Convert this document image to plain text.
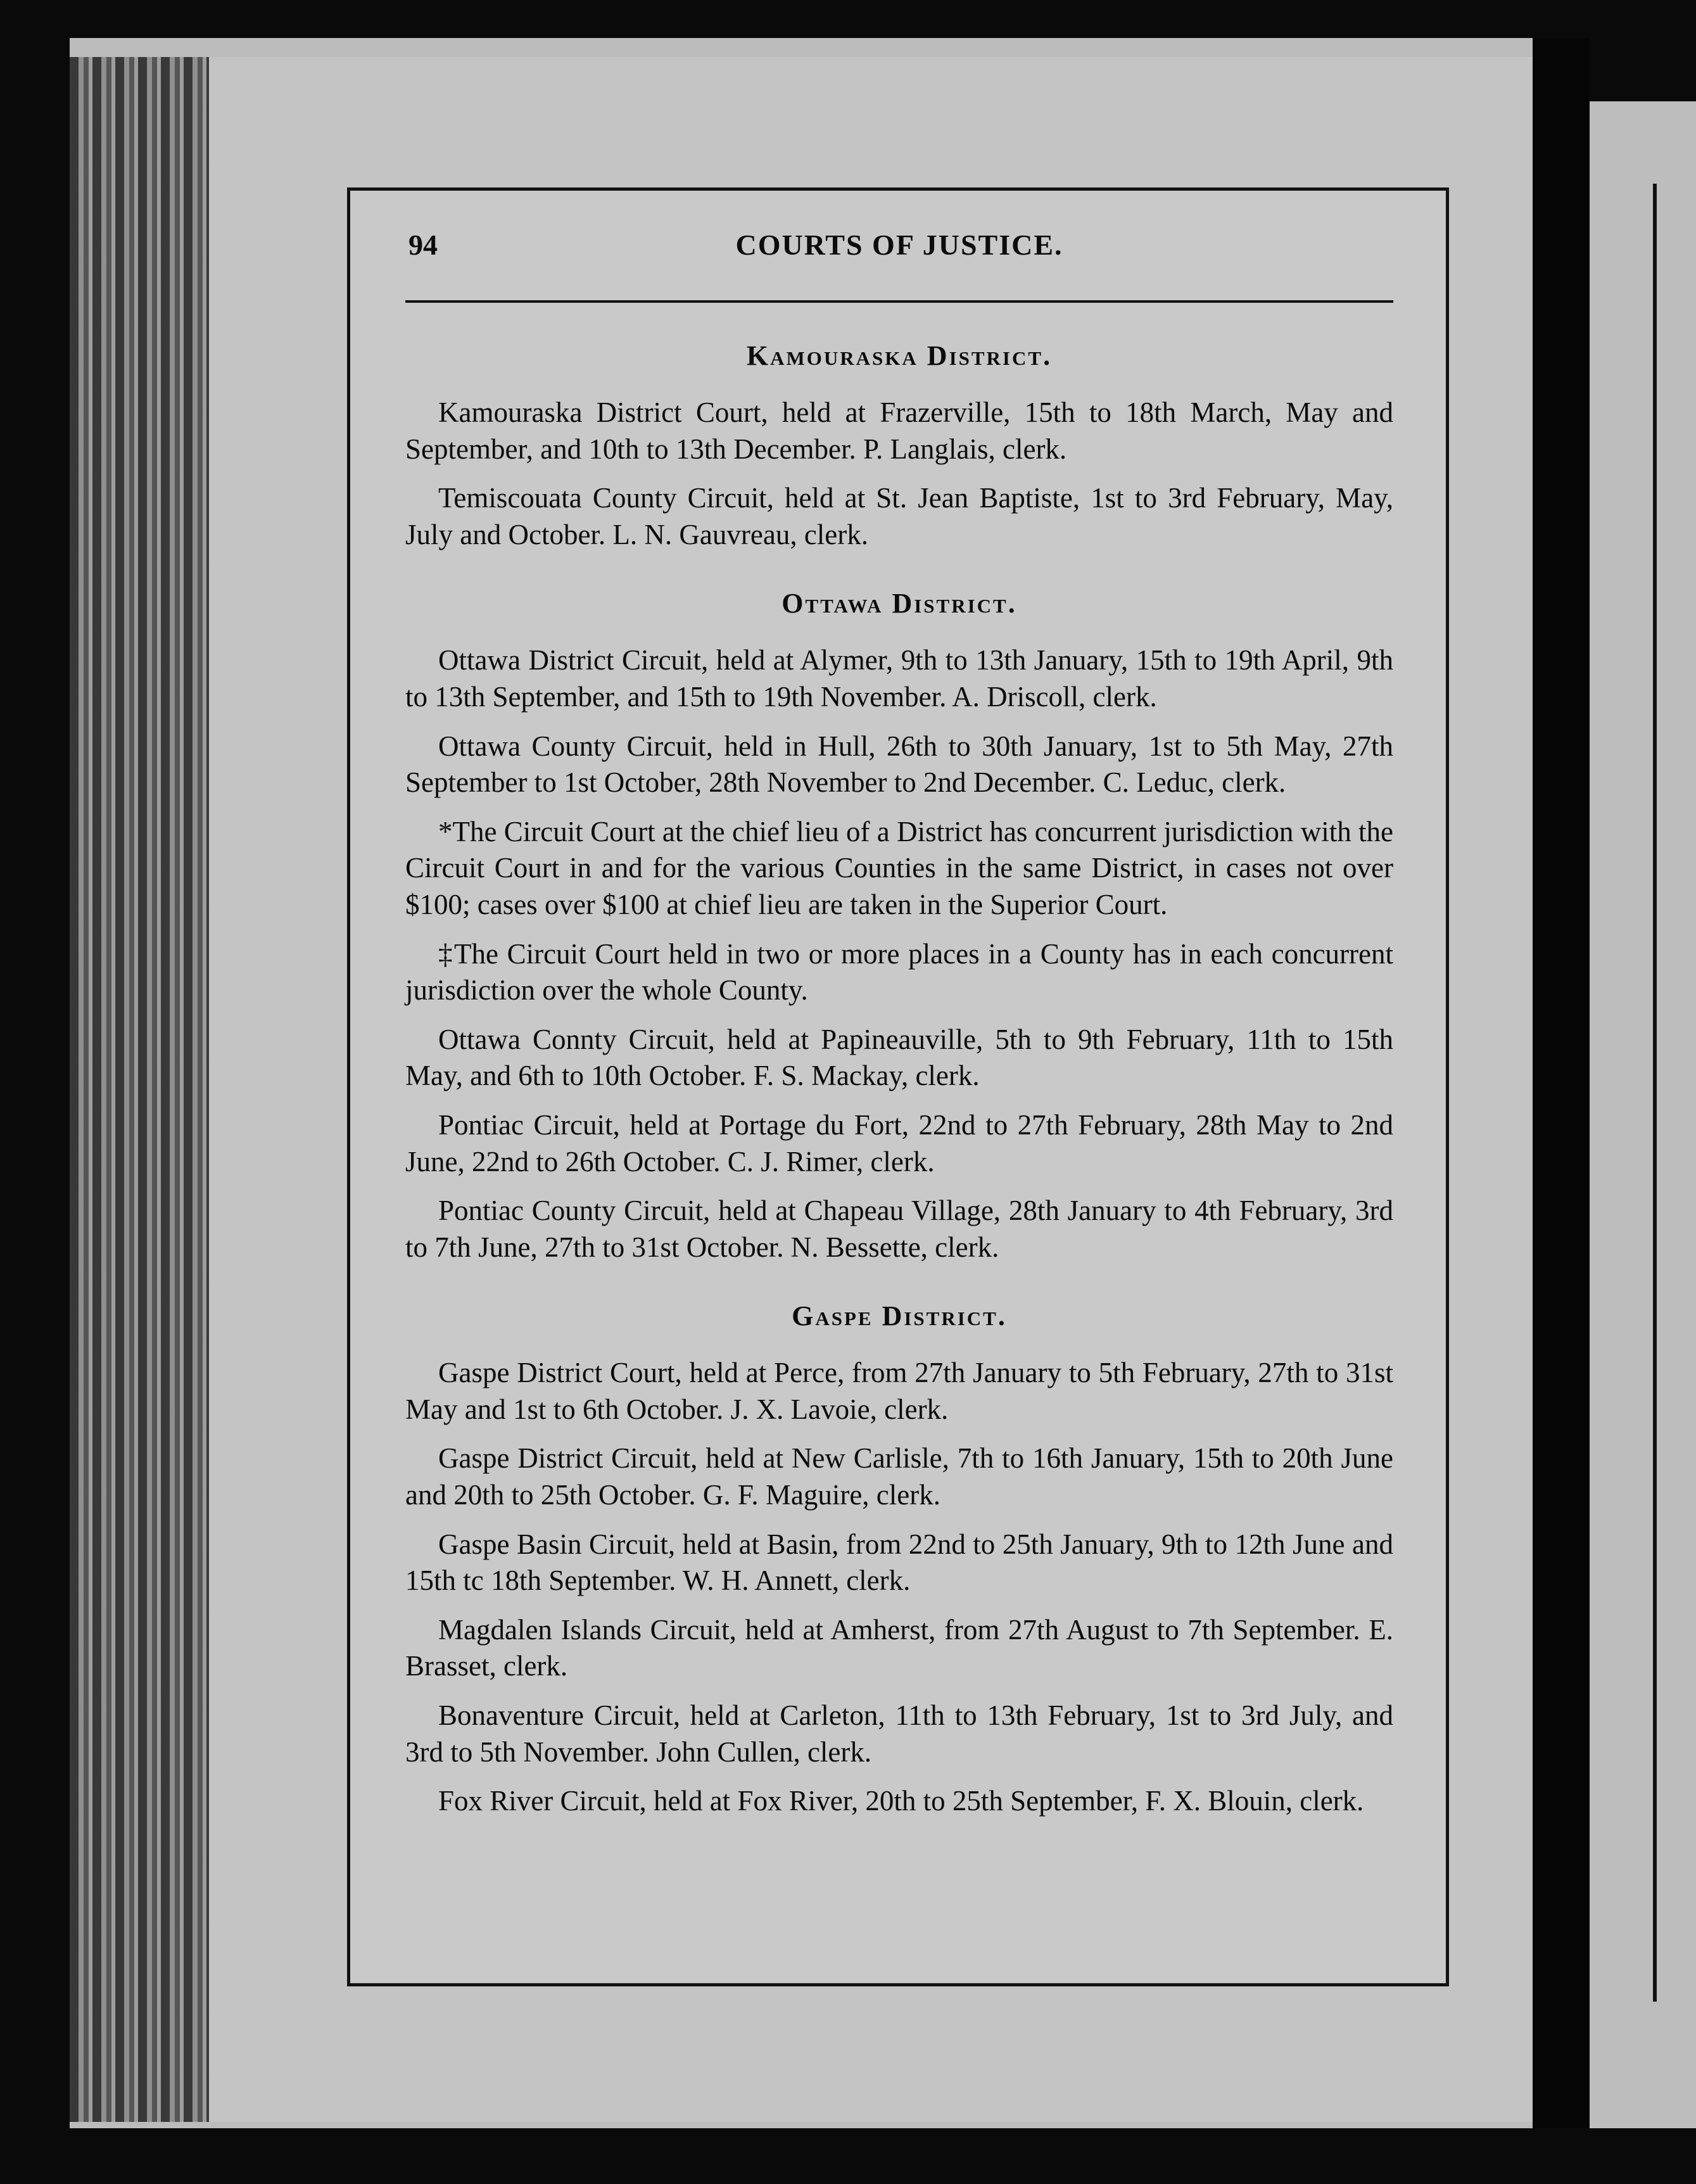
94	COURTS OF JUSTICE.
Kamouraska District.

Kamouraska District Court, held at Frazerville, 15th to 18th March, May and September, and 10th to 13th December. P. Langlais, clerk.

Temiscouata County Circuit, held at St. Jean Baptiste, 1st to 3rd February, May, July and October. L. N. Gauvreau, clerk.

Ottawa District.

Ottawa District Circuit, held at Alymer, 9th to 13th January, 15th to 19th April, 9th to 13th September, and 15th to 19th November. A. Driscoll, clerk.

Ottawa County Circuit, held in Hull, 26th to 30th January, 1st to 5th May, 27th September to 1st October, 28th November to 2nd December. C. Leduc, clerk.

*The Circuit Court at the chief lieu of a District has concurrent jurisdiction with the Circuit Court in and for the various Counties in the same District, in cases not over $100; cases over $100 at chief lieu are taken in the Superior Court.

‡The Circuit Court held in two or more places in a County has in each concurrent jurisdiction over the whole County.

Ottawa Connty Circuit, held at Papineauville, 5th to 9th February, 11th to 15th May, and 6th to 10th October. F. S. Mackay, clerk.

Pontiac Circuit, held at Portage du Fort, 22nd to 27th February, 28th May to 2nd June, 22nd to 26th October. C. J. Rimer, clerk.

Pontiac County Circuit, held at Chapeau Village, 28th January to 4th February, 3rd to 7th June, 27th to 31st October. N. Bessette, clerk.

Gaspe District.

Gaspe District Court, held at Perce, from 27th January to 5th February, 27th to 31st May and 1st to 6th October. J. X. Lavoie, clerk.

Gaspe District Circuit, held at New Carlisle, 7th to 16th January, 15th to 20th June and 20th to 25th October. G. F. Maguire, clerk.

Gaspe Basin Circuit, held at Basin, from 22nd to 25th January, 9th to 12th June and 15th tc 18th September. W. H. Annett, clerk.

Magdalen Islands Circuit, held at Amherst, from 27th August to 7th September. E. Brasset, clerk.

Bonaventure Circuit, held at Carleton, 11th to 13th February, 1st to 3rd July, and 3rd to 5th November. John Cullen, clerk.

Fox River Circuit, held at Fox River, 20th to 25th September, F. X. Blouin, clerk.
